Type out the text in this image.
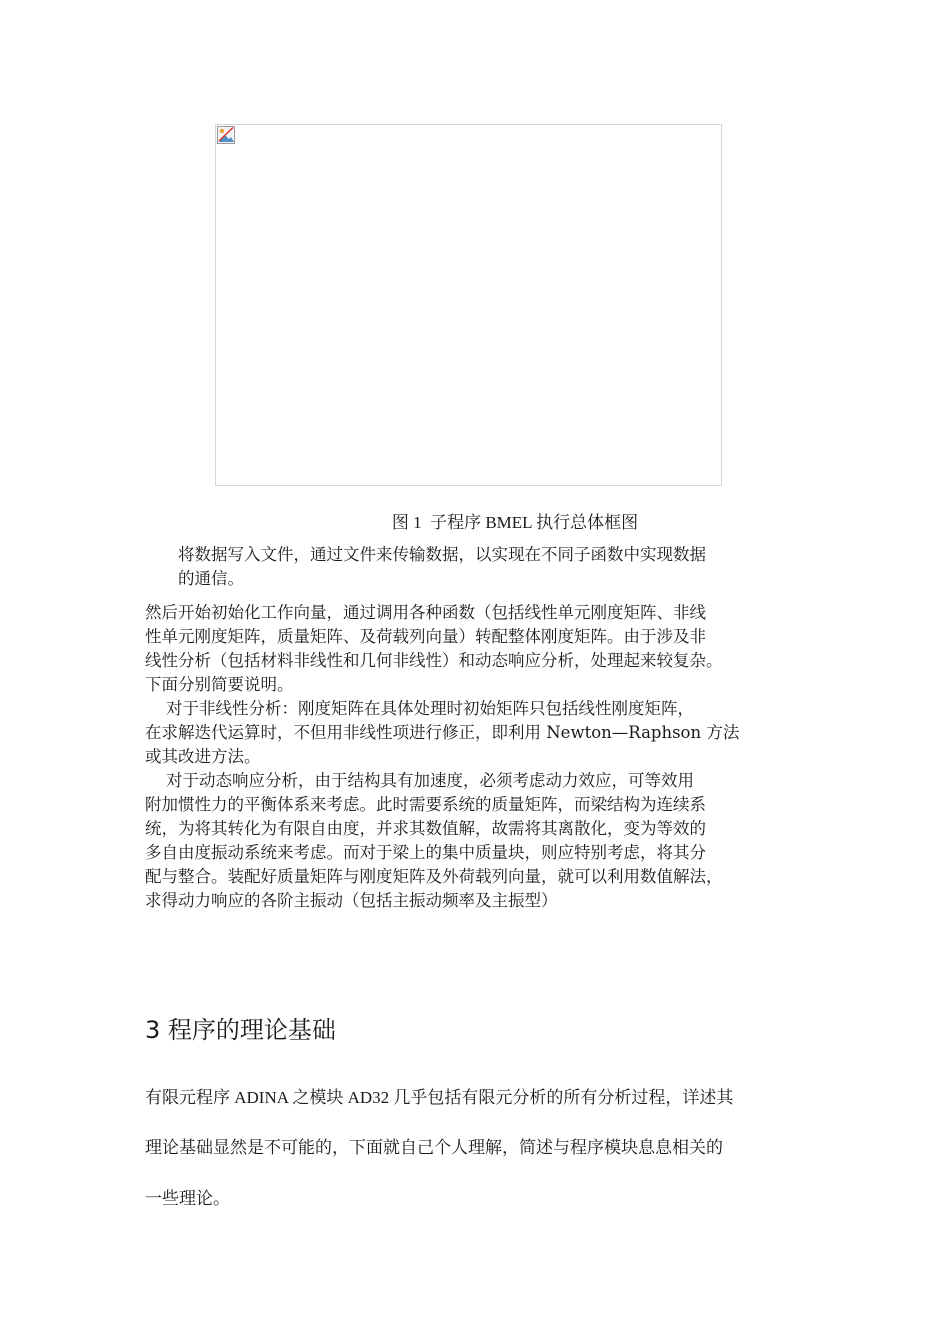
图 1  子程序 BMEL 执行总体框图

将数据写入文件，通过文件来传输数据，以实现在不同子函数中实现数据
的通信。

然后开始初始化工作向量，通过调用各种函数（包括线性单元刚度矩阵、非线
性单元刚度矩阵，质量矩阵、及荷载列向量）转配整体刚度矩阵。由于涉及非
线性分析（包括材料非线性和几何非线性）和动态响应分析，处理起来较复杂。
下面分别简要说明。
对于非线性分析：刚度矩阵在具体处理时初始矩阵只包括线性刚度矩阵，
在求解迭代运算时，不但用非线性项进行修正，即利用 Newton—Raphson 方法
或其改进方法。
对于动态响应分析，由于结构具有加速度，必须考虑动力效应，可等效用
附加惯性力的平衡体系来考虑。此时需要系统的质量矩阵，而梁结构为连续系
统，为将其转化为有限自由度，并求其数值解，故需将其离散化，变为等效的
多自由度振动系统来考虑。而对于梁上的集中质量块，则应特别考虑，将其分
配与整合。装配好质量矩阵与刚度矩阵及外荷载列向量，就可以利用数值解法，
求得动力响应的各阶主振动（包括主振动频率及主振型）

3 程序的理论基础
有限元程序 ADINA 之模块 AD32 几乎包括有限元分析的所有分析过程，详述其
理论基础显然是不可能的，下面就自己个人理解，简述与程序模块息息相关的
一些理论。
